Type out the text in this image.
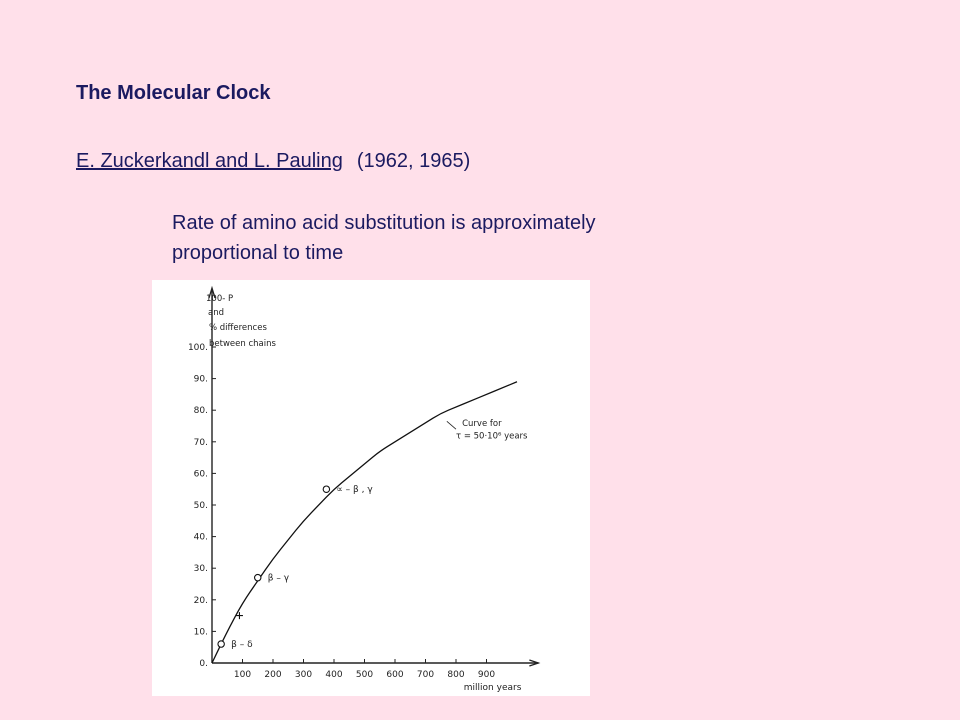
The Molecular Clock
E. Zuckerkandl and L. Pauling (1962, 1965)
Rate of amino acid substitution is approximately
proportional to time
0.
10.
20.
30.
40.
50.
60.
70.
80.
90.
100.
100 200 300 400 500 600 700 800 900
β – δ
β – γ
∝ – β , γ
100- P
and
% differences
between chains
million years
Curve for
τ = 50·10⁶ years
